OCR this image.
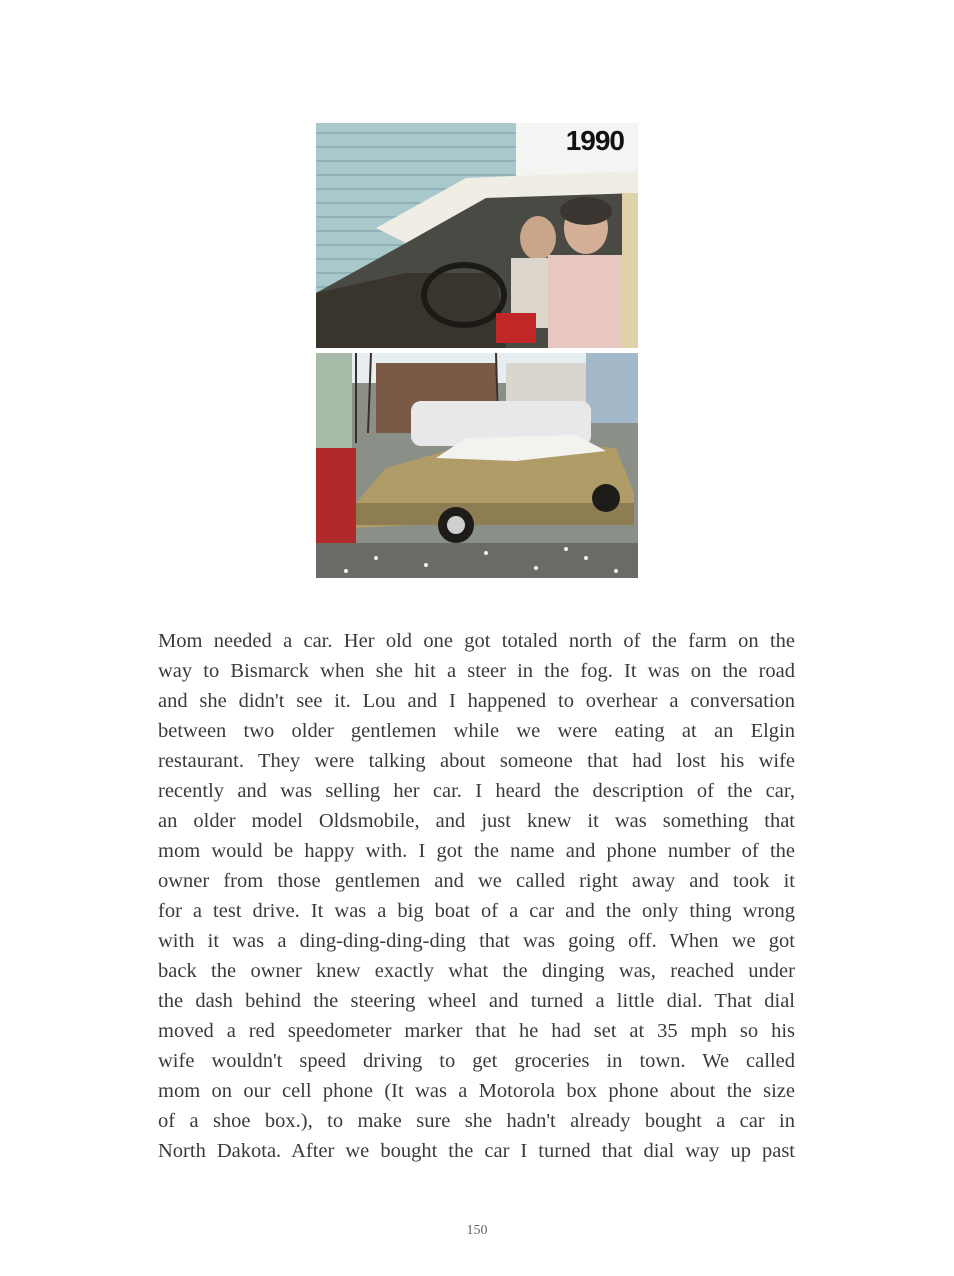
1990
Mom needed a car. Her old one got totaled north of the farm on the
way to Bismarck when she hit a steer in the fog. It was on the road
and she didn't see it. Lou and I happened to overhear a conversation
between two older gentlemen while we were eating at an Elgin
restaurant. They were talking about someone that had lost his wife
recently and was selling her car. I heard the description of the car,
an older model Oldsmobile, and just knew it was something that
mom would be happy with. I got the name and phone number of the
owner from those gentlemen and we called right away and took it
for a test drive. It was a big boat of a car and the only thing wrong
with it was a ding-ding-ding-ding that was going off. When we got
back the owner knew exactly what the dinging was, reached under
the dash behind the steering wheel and turned a little dial. That dial
moved a red speedometer marker that he had set at 35 mph so his
wife wouldn't speed driving to get groceries in town. We called
mom on our cell phone (It was a Motorola box phone about the size
of a shoe box.), to make sure she hadn't already bought a car in
North Dakota. After we bought the car I turned that dial way up past
150
